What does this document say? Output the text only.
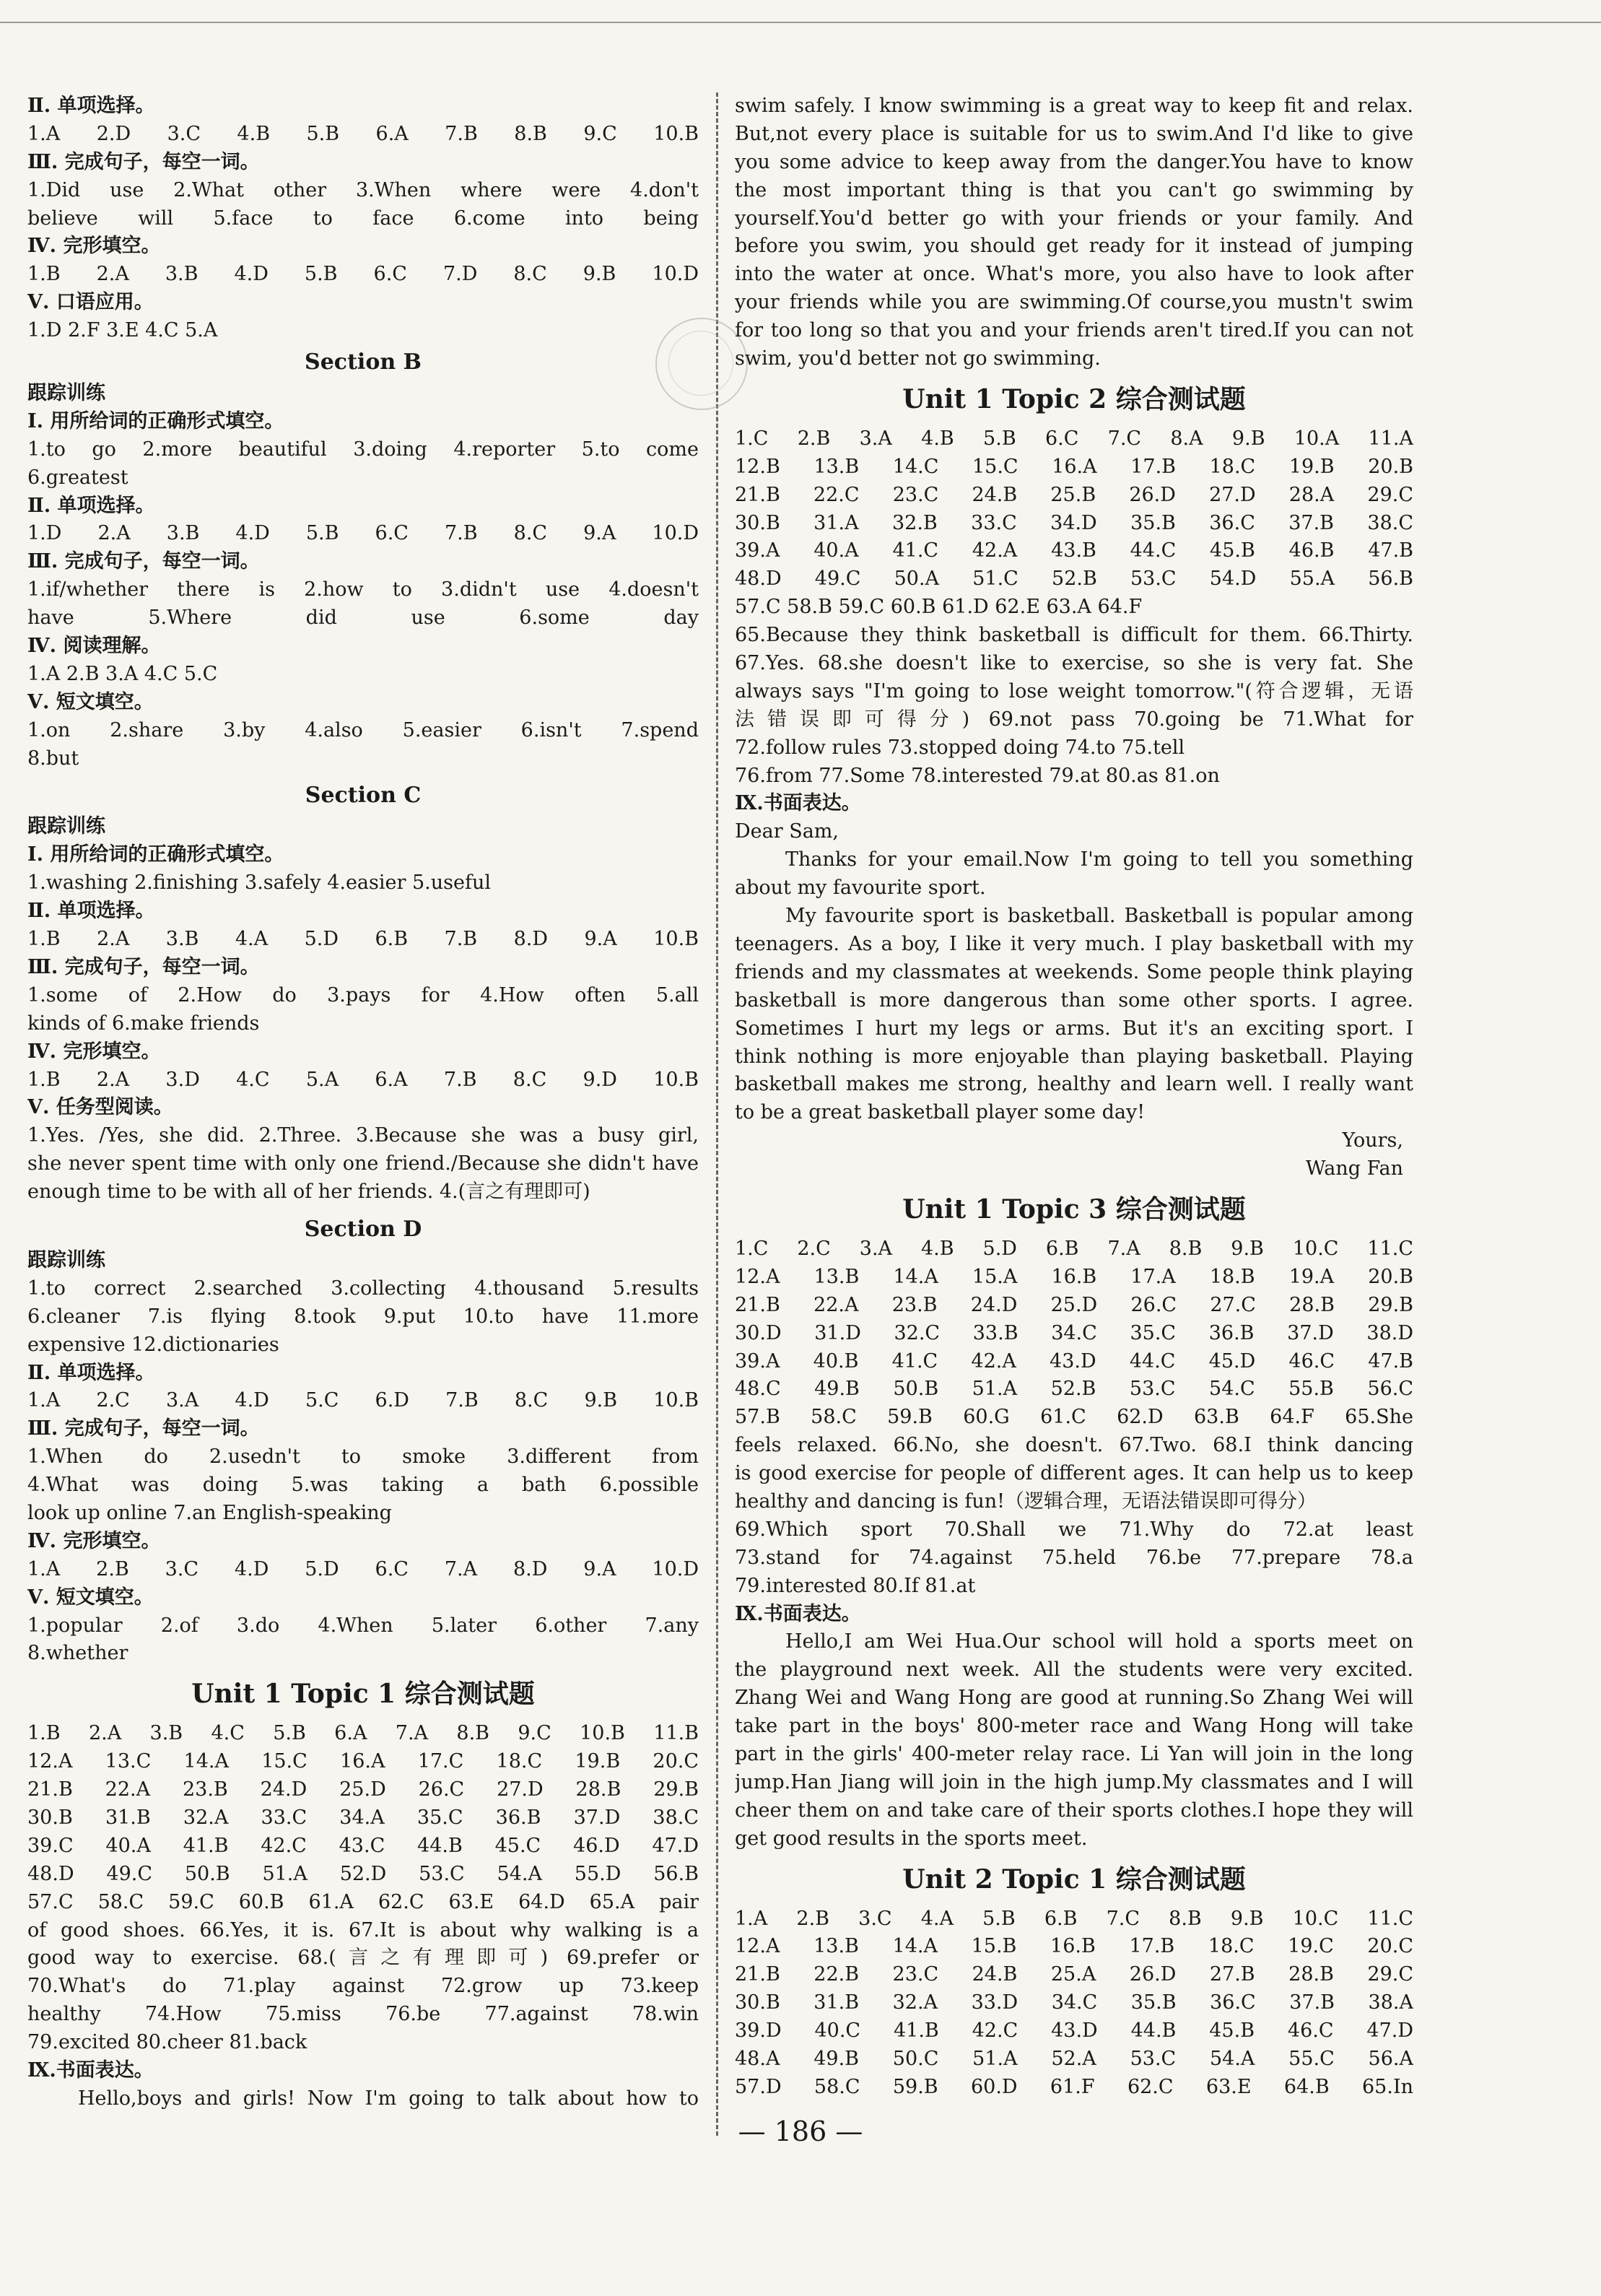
Ⅱ. 单项选择。
1.A 2.D 3.C 4.B 5.B 6.A 7.B 8.B 9.C 10.B
Ⅲ. 完成句子，每空一词。
1.Did use 2.What other 3.When where were 4.don't
believe will 5.face to face 6.come into being
Ⅳ. 完形填空。
1.B 2.A 3.B 4.D 5.B 6.C 7.D 8.C 9.B 10.D
Ⅴ. 口语应用。
1.D 2.F 3.E 4.C 5.A
Section B
跟踪训练
Ⅰ. 用所给词的正确形式填空。
1.to go 2.more beautiful 3.doing 4.reporter 5.to come
6.greatest
Ⅱ. 单项选择。
1.D 2.A 3.B 4.D 5.B 6.C 7.B 8.C 9.A 10.D
Ⅲ. 完成句子，每空一词。
1.if/whether there is 2.how to 3.didn't use 4.doesn't
have 5.Where did use 6.some day
Ⅳ. 阅读理解。
1.A 2.B 3.A 4.C 5.C
Ⅴ. 短文填空。
1.on 2.share 3.by 4.also 5.easier 6.isn't 7.spend
8.but
Section C
跟踪训练
Ⅰ. 用所给词的正确形式填空。
1.washing 2.finishing 3.safely 4.easier 5.useful
Ⅱ. 单项选择。
1.B 2.A 3.B 4.A 5.D 6.B 7.B 8.D 9.A 10.B
Ⅲ. 完成句子，每空一词。
1.some of 2.How do 3.pays for 4.How often 5.all
kinds of 6.make friends
Ⅳ. 完形填空。
1.B 2.A 3.D 4.C 5.A 6.A 7.B 8.C 9.D 10.B
Ⅴ. 任务型阅读。
1.Yes. /Yes, she did. 2.Three. 3.Because she was a busy girl,
she never spent time with only one friend./Because she didn't have
enough time to be with all of her friends. 4.(言之有理即可)
Section D
跟踪训练
1.to correct 2.searched 3.collecting 4.thousand 5.results
6.cleaner 7.is flying 8.took 9.put 10.to have 11.more
expensive 12.dictionaries
Ⅱ. 单项选择。
1.A 2.C 3.A 4.D 5.C 6.D 7.B 8.C 9.B 10.B
Ⅲ. 完成句子，每空一词。
1.When do 2.usedn't to smoke 3.different from
4.What was doing 5.was taking a bath 6.possible
look up online 7.an English-speaking
Ⅳ. 完形填空。
1.A 2.B 3.C 4.D 5.D 6.C 7.A 8.D 9.A 10.D
Ⅴ. 短文填空。
1.popular 2.of 3.do 4.When 5.later 6.other 7.any
8.whether
Unit 1 Topic 1 综合测试题
1.B 2.A 3.B 4.C 5.B 6.A 7.A 8.B 9.C 10.B 11.B
12.A 13.C 14.A 15.C 16.A 17.C 18.C 19.B 20.C
21.B 22.A 23.B 24.D 25.D 26.C 27.D 28.B 29.B
30.B 31.B 32.A 33.C 34.A 35.C 36.B 37.D 38.C
39.C 40.A 41.B 42.C 43.C 44.B 45.C 46.D 47.D
48.D 49.C 50.B 51.A 52.D 53.C 54.A 55.D 56.B
57.C 58.C 59.C 60.B 61.A 62.C 63.E 64.D 65.A pair
of good shoes. 66.Yes, it is. 67.It is about why walking is a
good way to exercise. 68.(言之有理即可) 69.prefer or
70.What's do 71.play against 72.grow up 73.keep
healthy 74.How 75.miss 76.be 77.against 78.win
79.excited 80.cheer 81.back
Ⅸ.书面表达。
Hello,boys and girls! Now I'm going to talk about how to
swim safely. I know swimming is a great way to keep fit and relax.
But,not every place is suitable for us to swim.And I'd like to give
you some advice to keep away from the danger.You have to know
the most important thing is that you can't go swimming by
yourself.You'd better go with your friends or your family. And
before you swim, you should get ready for it instead of jumping
into the water at once. What's more, you also have to look after
your friends while you are swimming.Of course,you mustn't swim
for too long so that you and your friends aren't tired.If you can not
swim, you'd better not go swimming.
Unit 1 Topic 2 综合测试题
1.C 2.B 3.A 4.B 5.B 6.C 7.C 8.A 9.B 10.A 11.A
12.B 13.B 14.C 15.C 16.A 17.B 18.C 19.B 20.B
21.B 22.C 23.C 24.B 25.B 26.D 27.D 28.A 29.C
30.B 31.A 32.B 33.C 34.D 35.B 36.C 37.B 38.C
39.A 40.A 41.C 42.A 43.B 44.C 45.B 46.B 47.B
48.D 49.C 50.A 51.C 52.B 53.C 54.D 55.A 56.B
57.C 58.B 59.C 60.B 61.D 62.E 63.A 64.F
65.Because they think basketball is difficult for them. 66.Thirty.
67.Yes. 68.she doesn't like to exercise, so she is very fat. She
always says "I'm going to lose weight tomorrow."(符合逻辑，无语
法错误即可得分) 69.not pass 70.going be 71.What for
72.follow rules 73.stopped doing 74.to 75.tell
76.from 77.Some 78.interested 79.at 80.as 81.on
Ⅸ.书面表达。
Dear Sam,
Thanks for your email.Now I'm going to tell you something
about my favourite sport.
My favourite sport is basketball. Basketball is popular among
teenagers. As a boy, I like it very much. I play basketball with my
friends and my classmates at weekends. Some people think playing
basketball is more dangerous than some other sports. I agree.
Sometimes I hurt my legs or arms. But it's an exciting sport. I
think nothing is more enjoyable than playing basketball. Playing
basketball makes me strong, healthy and learn well. I really want
to be a great basketball player some day!
Yours,
Wang Fan
Unit 1 Topic 3 综合测试题
1.C 2.C 3.A 4.B 5.D 6.B 7.A 8.B 9.B 10.C 11.C
12.A 13.B 14.A 15.A 16.B 17.A 18.B 19.A 20.B
21.B 22.A 23.B 24.D 25.D 26.C 27.C 28.B 29.B
30.D 31.D 32.C 33.B 34.C 35.C 36.B 37.D 38.D
39.A 40.B 41.C 42.A 43.D 44.C 45.D 46.C 47.B
48.C 49.B 50.B 51.A 52.B 53.C 54.C 55.B 56.C
57.B 58.C 59.B 60.G 61.C 62.D 63.B 64.F 65.She
feels relaxed. 66.No, she doesn't. 67.Two. 68.I think dancing
is good exercise for people of different ages. It can help us to keep
healthy and dancing is fun!（逻辑合理，无语法错误即可得分）
69.Which sport 70.Shall we 71.Why do 72.at least
73.stand for 74.against 75.held 76.be 77.prepare 78.a
79.interested 80.If 81.at
Ⅸ.书面表达。
Hello,I am Wei Hua.Our school will hold a sports meet on
the playground next week. All the students were very excited.
Zhang Wei and Wang Hong are good at running.So Zhang Wei will
take part in the boys' 800-meter race and Wang Hong will take
part in the girls' 400-meter relay race. Li Yan will join in the long
jump.Han Jiang will join in the high jump.My classmates and I will
cheer them on and take care of their sports clothes.I hope they will
get good results in the sports meet.
Unit 2 Topic 1 综合测试题
1.A 2.B 3.C 4.A 5.B 6.B 7.C 8.B 9.B 10.C 11.C
12.A 13.B 14.A 15.B 16.B 17.B 18.C 19.C 20.C
21.B 22.B 23.C 24.B 25.A 26.D 27.B 28.B 29.C
30.B 31.B 32.A 33.D 34.C 35.B 36.C 37.B 38.A
39.D 40.C 41.B 42.C 43.D 44.B 45.B 46.C 47.D
48.A 49.B 50.C 51.A 52.A 53.C 54.A 55.C 56.A
57.D 58.C 59.B 60.D 61.F 62.C 63.E 64.B 65.In
— 186 —
